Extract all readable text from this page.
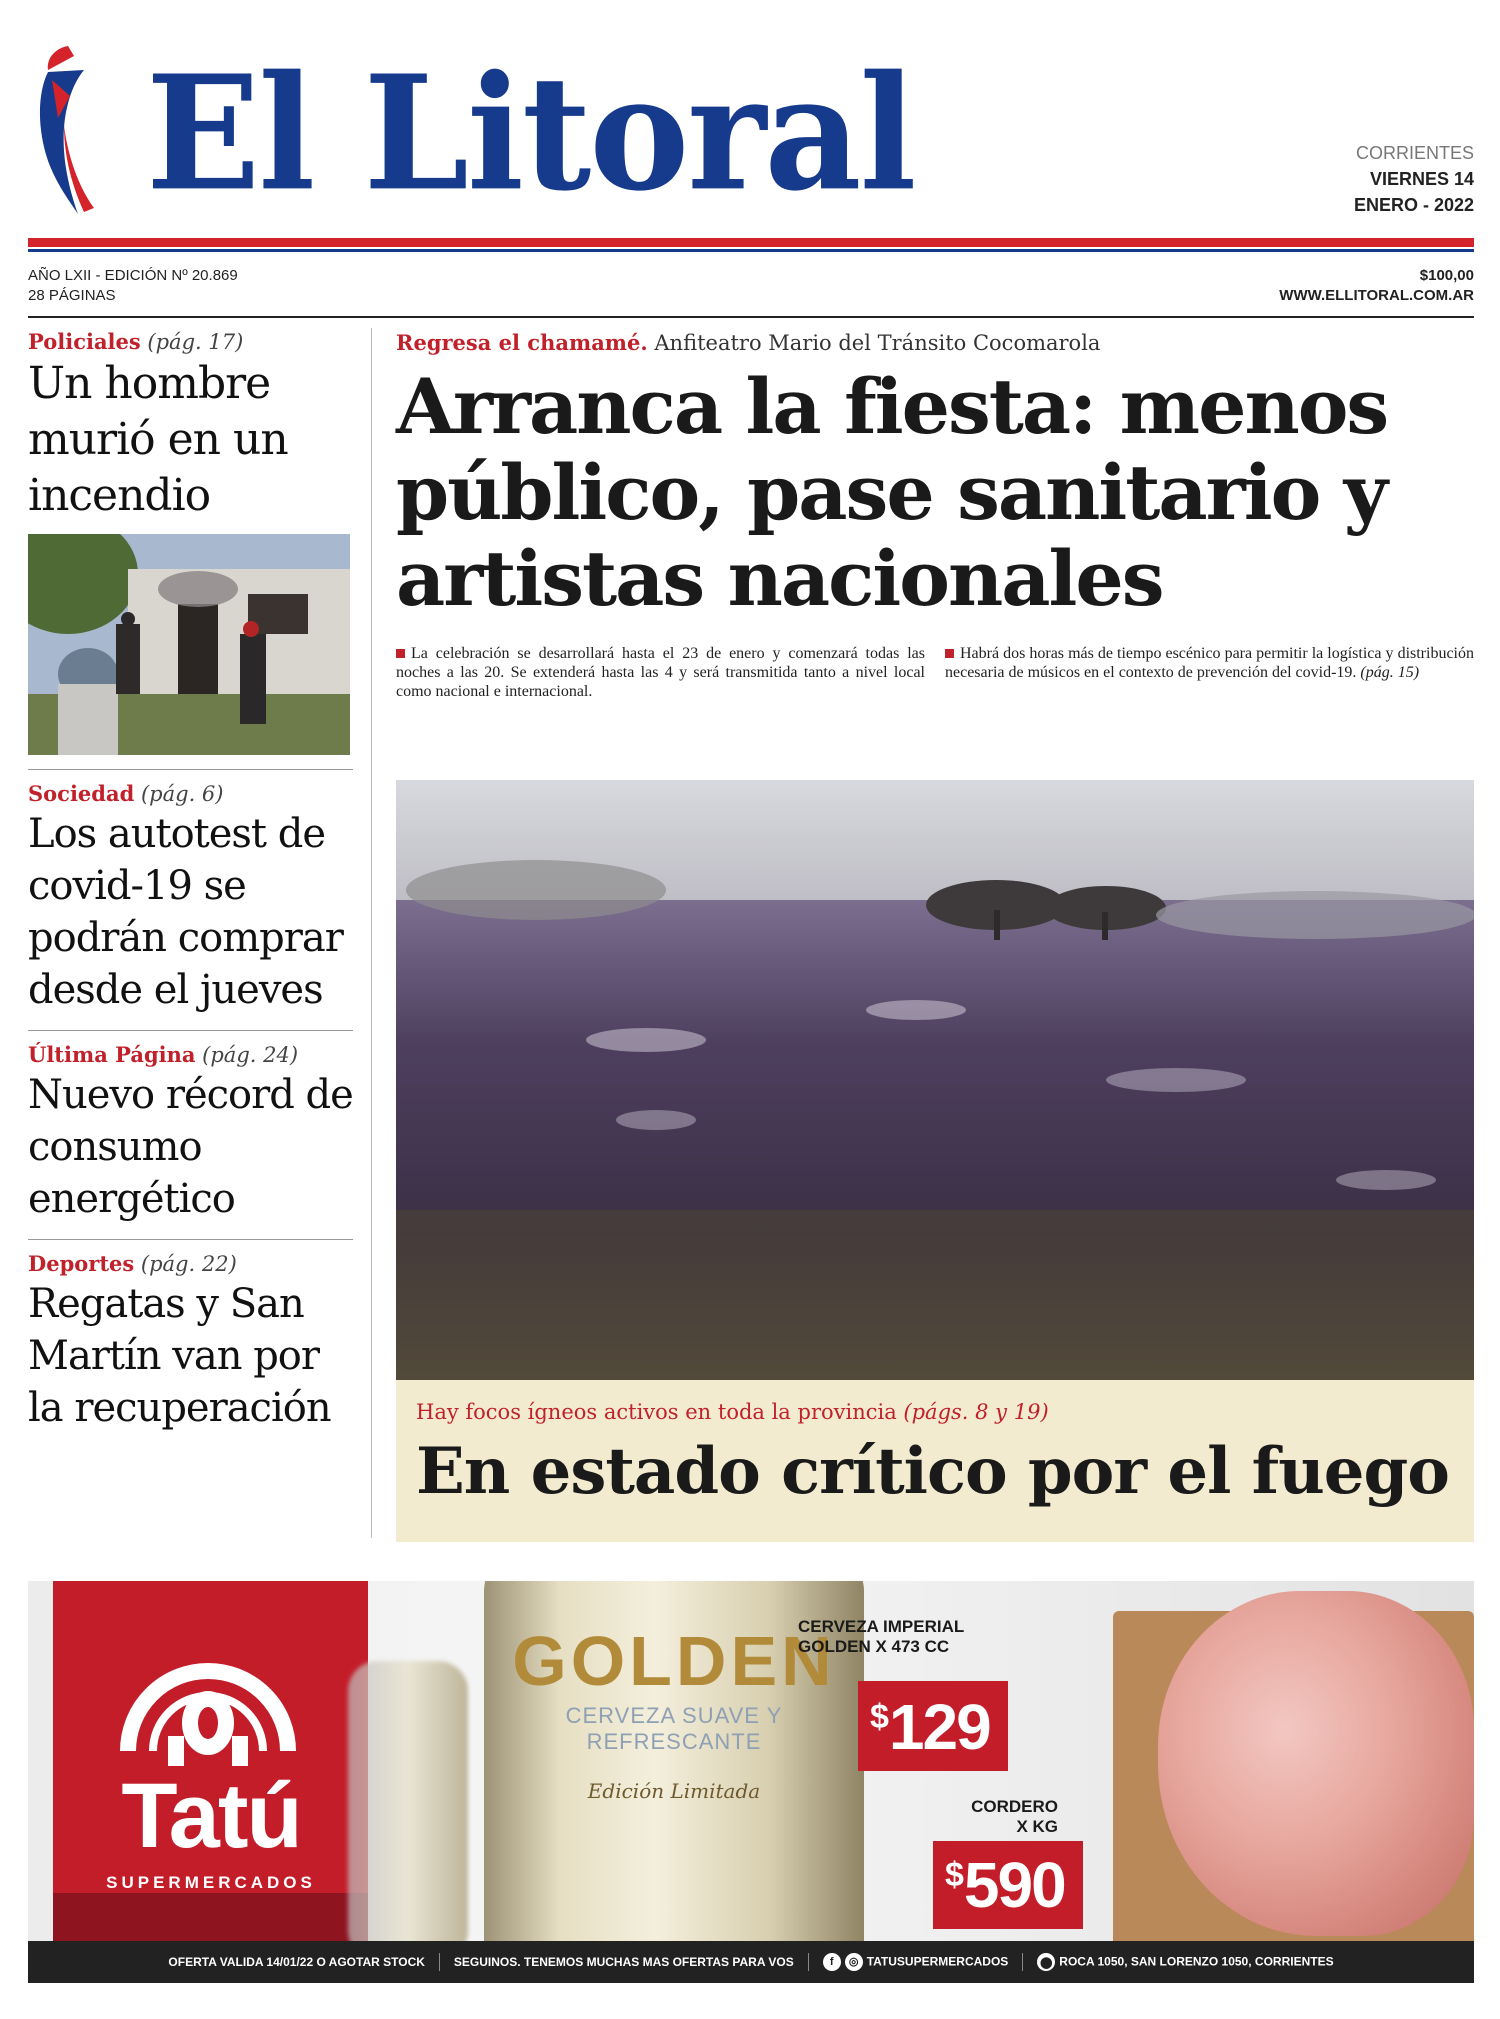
El Litoral	CORRIENTES
VIERNES 14
ENERO - 2022
AÑO LXII - EDICIÓN Nº 20.869
28 PÁGINAS
$100,00
WWW.ELLITORAL.COM.AR
Policiales (pág. 17)
Un hombre murió en un incendio
Sociedad (pág. 6)
Los autotest de covid-19 se podrán comprar desde el jueves
Última Página (pág. 24)
Nuevo récord de consumo energético
Deportes (pág. 22)
Regatas y San Martín van por la recuperación
Regresa el chamamé. Anfiteatro Mario del Tránsito Cocomarola
Arranca la fiesta: menos público, pase sanitario y artistas nacionales
La celebración se desarrollará hasta el 23 de enero y comenzará todas las noches a las 20. Se extenderá hasta las 4 y será transmitida tanto a nivel local como nacional e internacional.
Habrá dos horas más de tiempo escénico para permitir la logística y distribución necesaria de músicos en el contexto de prevención del covid-19. (pág. 15)
Hay focos ígneos activos en toda la provincia (págs. 8 y 19)
En estado crítico por el fuego
Tatú
SUPERMERCADOS
GOLDEN
CERVEZA SUAVE Y REFRESCANTE
Edición Limitada
CERVEZA IMPERIAL
GOLDEN X 473 CC
$129
CORDERO
X KG
$590
OFERTA VALIDA 14/01/22 O AGOTAR STOCK SEGUINOS. TENEMOS MUCHAS MAS OFERTAS PARA VOS	f ◎ TATUSUPERMERCADOS	⬤ ROCA 1050, SAN LORENZO 1050, CORRIENTES
